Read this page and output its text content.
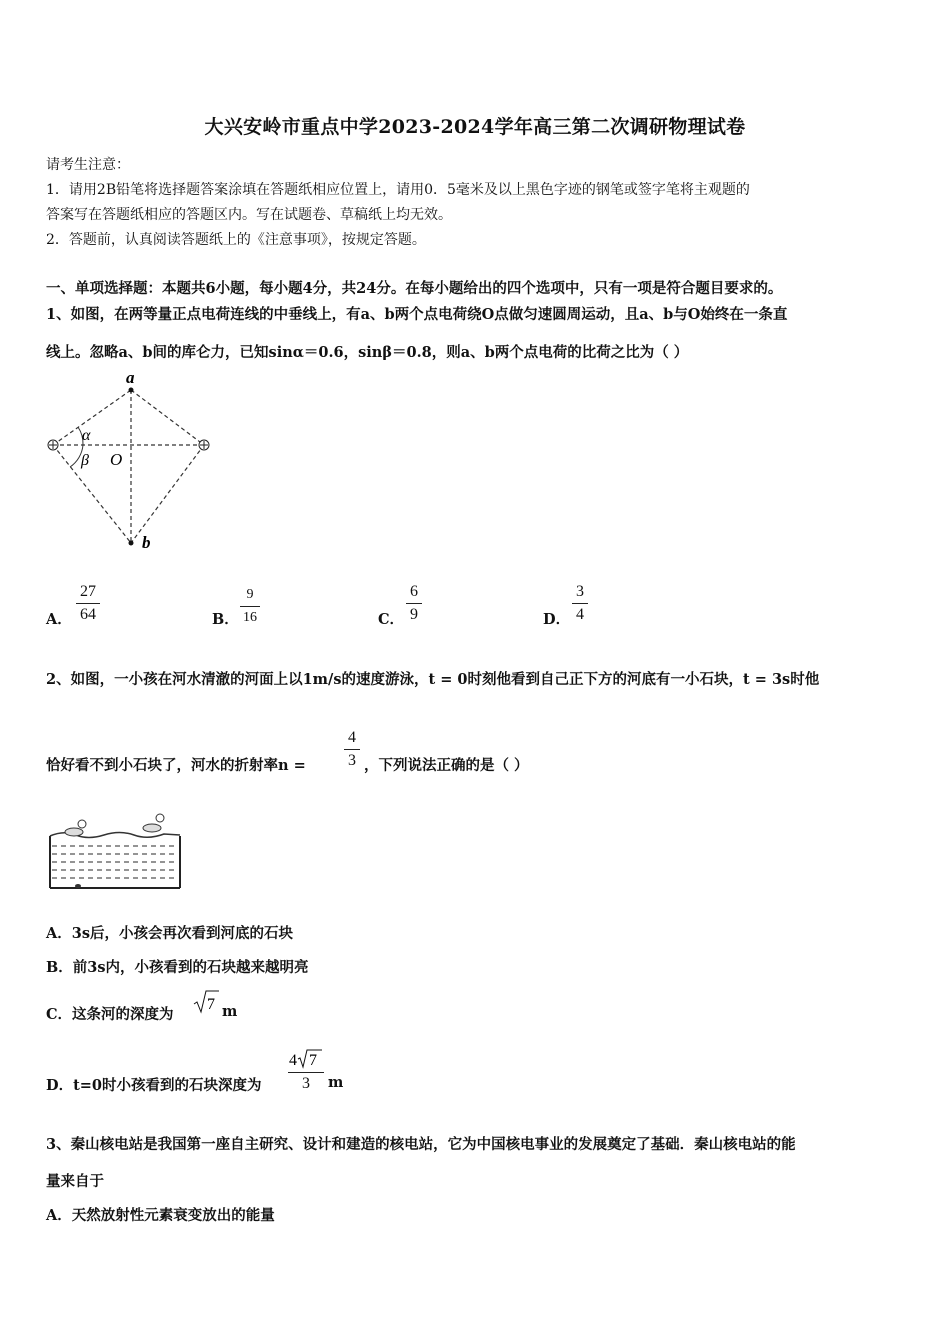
大兴安岭市重点中学2023-2024学年高三第二次调研物理试卷
请考生注意：
1．请用2B铅笔将选择题答案涂填在答题纸相应位置上，请用0．5毫米及以上黑色字迹的钢笔或签字笔将主观题的
答案写在答题纸相应的答题区内。写在试题卷、草稿纸上均无效。
2．答题前，认真阅读答题纸上的《注意事项》，按规定答题。
一、单项选择题：本题共6小题，每小题4分，共24分。在每小题给出的四个选项中，只有一项是符合题目要求的。
1、如图，在两等量正点电荷连线的中垂线上，有a、b两个点电荷绕O点做匀速圆周运动，且a、b与O始终在一条直
线上。忽略a、b间的库仑力，已知sinα＝0.6，sinβ＝0.8，则a、b两个点电荷的比荷之比为（ ）
a
b
O
α
β
A．
27
64	B．
9
16	C．
6
9	D．
3
4
2、如图，一小孩在河水清澈的河面上以1m/s的速度游泳，t = 0时刻他看到自己正下方的河底有一小石块，t = 3s时他
恰好看不到小石块了，河水的折射率n =
4
3 ，下列说法正确的是（ ）
A．3s后，小孩会再次看到河底的石块
B．前3s内，小孩看到的石块越来越明亮
C．这条河的深度为
7 m
D．t=0时小孩看到的石块深度为
4 7
3	m
3、秦山核电站是我国第一座自主研究、设计和建造的核电站，它为中国核电事业的发展奠定了基础．秦山核电站的能
量来自于
A．天然放射性元素衰变放出的能量
